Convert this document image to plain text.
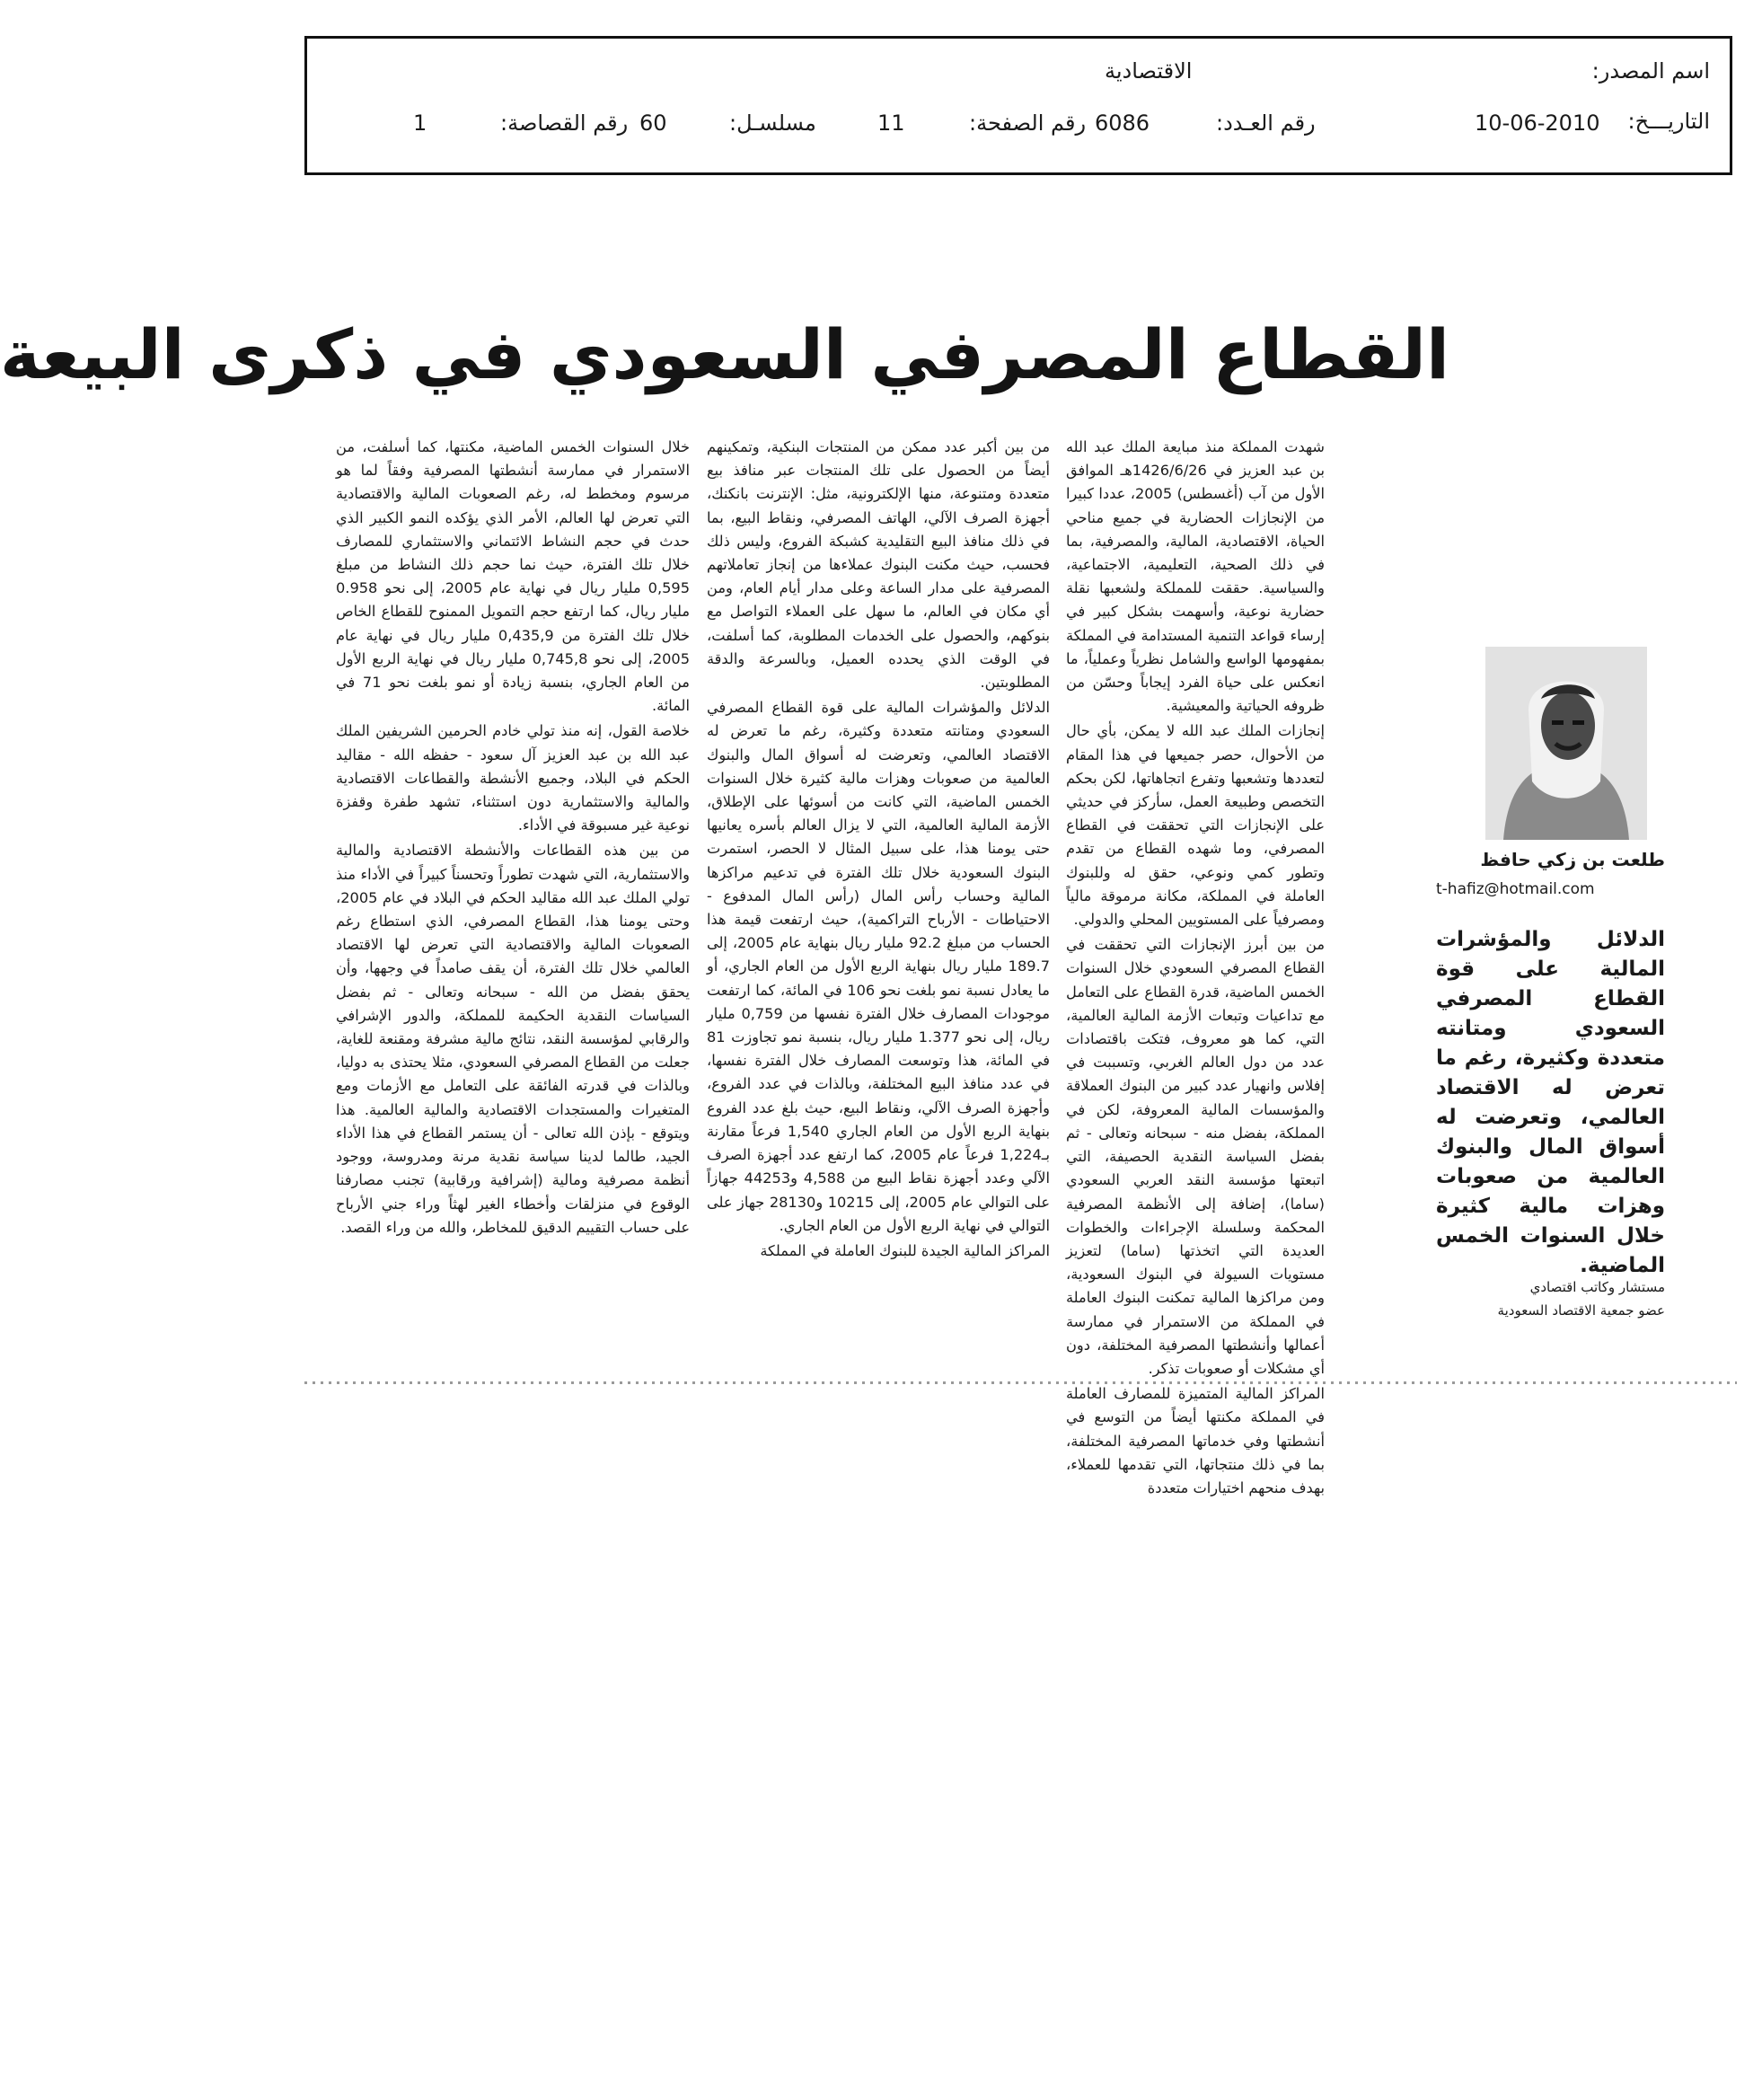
اسم المصدر:
الاقتصادية
التاريـــخ:
10-06-2010
رقم العـدد:
6086
رقم الصفحة:
11
مسلسـل:
60
رقم القصاصة:
1
القطاع المصرفي السعودي في ذكرى البيعة
طلعت بن زكي حافظ
t-hafiz@hotmail.com
الدلائل والمؤشرات المالية على قوة القطاع المصرفي السعودي ومتانته متعددة وكثيرة، رغم ما تعرض له الاقتصاد العالمي، وتعرضت له أسواق المال والبنوك العالمية من صعوبات وهزات مالية كثيرة خلال السنوات الخمس الماضية.
مستشار وكاتب اقتصادي
عضو جمعية الاقتصاد السعودية

شهدت المملكة منذ مبايعة الملك عبد الله بن عبد العزيز في 1426/6/26هـ الموافق الأول من آب (أغسطس) 2005، عددا كبيرا من الإنجازات الحضارية في جميع مناحي الحياة، الاقتصادية، المالية، والمصرفية، بما في ذلك الصحية، التعليمية، الاجتماعية، والسياسية. حققت للمملكة ولشعبها نقلة حضارية نوعية، وأسهمت بشكل كبير في إرساء قواعد التنمية المستدامة في المملكة بمفهومها الواسع والشامل نظرياً وعملياً، ما انعكس على حياة الفرد إيجاباً وحسّن من ظروفه الحياتية والمعيشية.

إنجازات الملك عبد الله لا يمكن، بأي حال من الأحوال، حصر جميعها في هذا المقام لتعددها وتشعبها وتفرع اتجاهاتها، لكن بحكم التخصص وطبيعة العمل، سأركز في حديثي على الإنجازات التي تحققت في القطاع المصرفي، وما شهده القطاع من تقدم وتطور كمي ونوعي، حقق له وللبنوك العاملة في المملكة، مكانة مرموقة مالياً ومصرفياً على المستويين المحلي والدولي.

من بين أبرز الإنجازات التي تحققت في القطاع المصرفي السعودي خلال السنوات الخمس الماضية، قدرة القطاع على التعامل مع تداعيات وتبعات الأزمة المالية العالمية، التي، كما هو معروف، فتكت باقتصادات عدد من دول العالم الغربي، وتسببت في إفلاس وانهيار عدد كبير من البنوك العملاقة والمؤسسات المالية المعروفة، لكن في المملكة، بفضل منه - سبحانه وتعالى - ثم بفضل السياسة النقدية الحصيفة، التي اتبعتها مؤسسة النقد العربي السعودي (ساما)، إضافة إلى الأنظمة المصرفية المحكمة وسلسلة الإجراءات والخطوات العديدة التي اتخذتها (ساما) لتعزيز مستويات السيولة في البنوك السعودية، ومن مراكزها المالية تمكنت البنوك العاملة في المملكة من الاستمرار في ممارسة أعمالها وأنشطتها المصرفية المختلفة، دون أي مشكلات أو صعوبات تذكر.

المراكز المالية المتميزة للمصارف العاملة في المملكة مكنتها أيضاً من التوسع في أنشطتها وفي خدماتها المصرفية المختلفة، بما في ذلك منتجاتها، التي تقدمها للعملاء، بهدف منحهم اختيارات متعددة

من بين أكبر عدد ممكن من المنتجات البنكية، وتمكينهم أيضاً من الحصول على تلك المنتجات عبر منافذ بيع متعددة ومتنوعة، منها الإلكترونية، مثل: الإنترنت بانكنك، أجهزة الصرف الآلي، الهاتف المصرفي، ونقاط البيع، بما في ذلك منافذ البيع التقليدية كشبكة الفروع، وليس ذلك فحسب، حيث مكنت البنوك عملاءها من إنجاز تعاملاتهم المصرفية على مدار الساعة وعلى مدار أيام العام، ومن أي مكان في العالم، ما سهل على العملاء التواصل مع بنوكهم، والحصول على الخدمات المطلوبة، كما أسلفت، في الوقت الذي يحدده العميل، وبالسرعة والدقة المطلوبتين.

الدلائل والمؤشرات المالية على قوة القطاع المصرفي السعودي ومتانته متعددة وكثيرة، رغم ما تعرض له الاقتصاد العالمي، وتعرضت له أسواق المال والبنوك العالمية من صعوبات وهزات مالية كثيرة خلال السنوات الخمس الماضية، التي كانت من أسوئها على الإطلاق، الأزمة المالية العالمية، التي لا يزال العالم بأسره يعانيها حتى يومنا هذا، على سبيل المثال لا الحصر، استمرت البنوك السعودية خلال تلك الفترة في تدعيم مراكزها المالية وحساب رأس المال (رأس المال المدفوع - الاحتياطات - الأرباح التراكمية)، حيث ارتفعت قيمة هذا الحساب من مبلغ 92.2 مليار ريال بنهاية عام 2005، إلى 189.7 مليار ريال بنهاية الربع الأول من العام الجاري، أو ما يعادل نسبة نمو بلغت نحو 106 في المائة، كما ارتفعت موجودات المصارف خلال الفترة نفسها من 0,759 مليار ريال، إلى نحو 1.377 مليار ريال، بنسبة نمو تجاوزت 81 في المائة، هذا وتوسعت المصارف خلال الفترة نفسها، في عدد منافذ البيع المختلفة، وبالذات في عدد الفروع، وأجهزة الصرف الآلي، ونقاط البيع، حيث بلغ عدد الفروع بنهاية الربع الأول من العام الجاري 1,540 فرعاً مقارنة بـ1,224 فرعاً عام 2005، كما ارتفع عدد أجهزة الصرف الآلي وعدد أجهزة نقاط البيع من 4,588 و44253 جهازاً على التوالي عام 2005، إلى 10215 و28130 جهاز على التوالي في نهاية الربع الأول من العام الجاري.

المراكز المالية الجيدة للبنوك العاملة في المملكة

خلال السنوات الخمس الماضية، مكنتها، كما أسلفت، من الاستمرار في ممارسة أنشطتها المصرفية وفقاً لما هو مرسوم ومخطط له، رغم الصعوبات المالية والاقتصادية التي تعرض لها العالم، الأمر الذي يؤكده النمو الكبير الذي حدث في حجم النشاط الائتماني والاستثماري للمصارف خلال تلك الفترة، حيث نما حجم ذلك النشاط من مبلغ 0,595 مليار ريال في نهاية عام 2005، إلى نحو 0.958 مليار ريال، كما ارتفع حجم التمويل الممنوح للقطاع الخاص خلال تلك الفترة من 0,435,9 مليار ريال في نهاية عام 2005، إلى نحو 0,745,8 مليار ريال في نهاية الربع الأول من العام الجاري، بنسبة زيادة أو نمو بلغت نحو 71 في المائة.

خلاصة القول، إنه منذ تولي خادم الحرمين الشريفين الملك عبد الله بن عبد العزيز آل سعود - حفظه الله - مقاليد الحكم في البلاد، وجميع الأنشطة والقطاعات الاقتصادية والمالية والاستثمارية دون استثناء، تشهد طفرة وقفزة نوعية غير مسبوقة في الأداء.

من بين هذه القطاعات والأنشطة الاقتصادية والمالية والاستثمارية، التي شهدت تطوراً وتحسناً كبيراً في الأداء منذ تولي الملك عبد الله مقاليد الحكم في البلاد في عام 2005، وحتى يومنا هذا، القطاع المصرفي، الذي استطاع رغم الصعوبات المالية والاقتصادية التي تعرض لها الاقتصاد العالمي خلال تلك الفترة، أن يقف صامداً في وجهها، وأن يحقق بفضل من الله - سبحانه وتعالى - ثم بفضل السياسات النقدية الحكيمة للمملكة، والدور الإشرافي والرقابي لمؤسسة النقد، نتائج مالية مشرفة ومقنعة للغاية، جعلت من القطاع المصرفي السعودي، مثلا يحتذى به دوليا، وبالذات في قدرته الفائقة على التعامل مع الأزمات ومع المتغيرات والمستجدات الاقتصادية والمالية العالمية. هذا ويتوقع - بإذن الله تعالى - أن يستمر القطاع في هذا الأداء الجيد، طالما لدينا سياسة نقدية مرنة ومدروسة، ووجود أنظمة مصرفية ومالية (إشرافية ورقابية) تجنب مصارفنا الوقوع في منزلقات وأخطاء الغير لهثاً وراء جني الأرباح على حساب التقييم الدقيق للمخاطر، والله من وراء القصد.
